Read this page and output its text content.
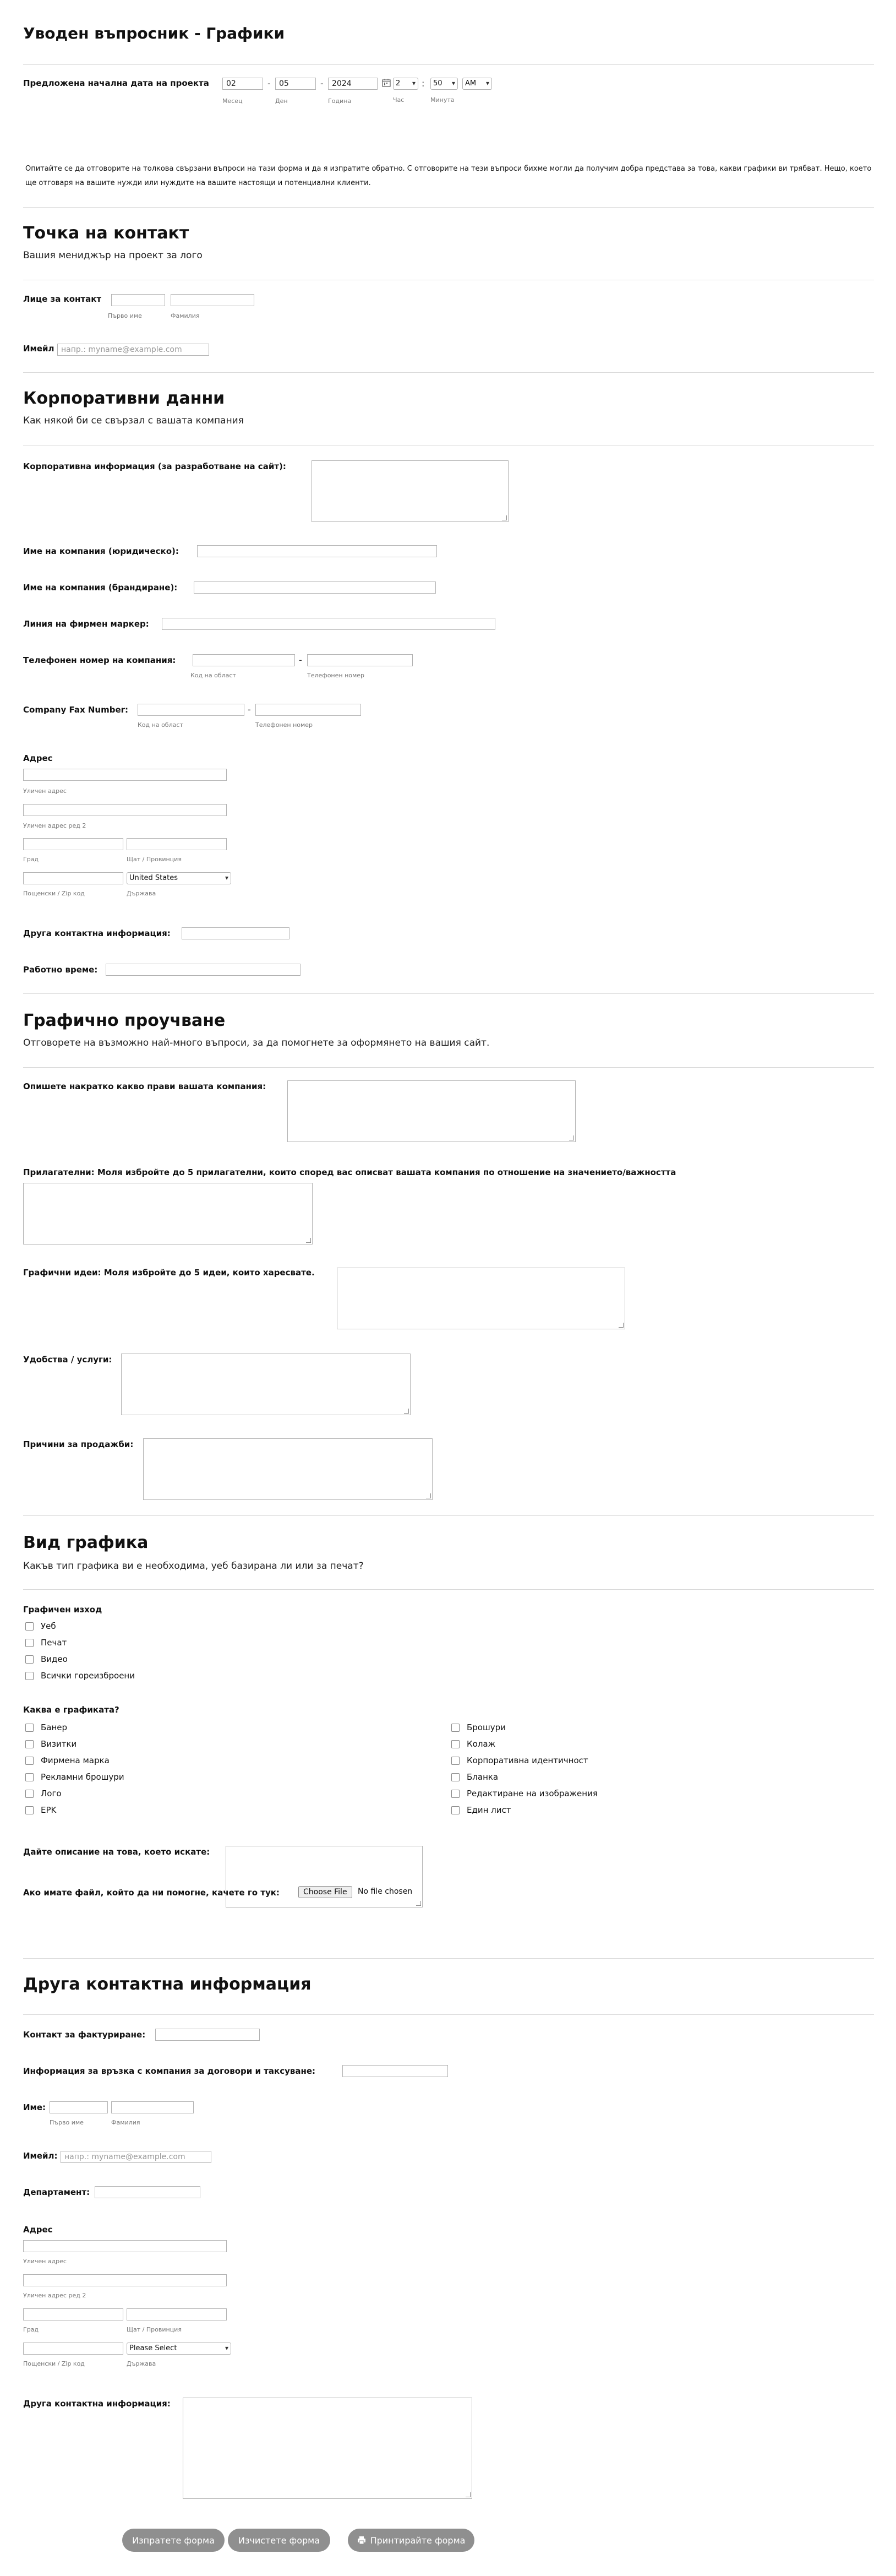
Уводен въпросник - Графики
Предложена начална дата на проекта	02	-	05	-	2024	2 ▾	:	50 ▾	AM ▾
Месец	Ден	Година	Час	Минута
Опитайте се да отговорите на толкова свързани въпроси на тази форма и да я изпратите обратно. С отговорите на тези въпроси бихме могли да получим добра представа за това, какви графики ви трябват. Нещо, което ще отговаря на вашите нужди или нуждите на вашите настоящи и потенциални клиенти.
Точка на контакт
Вашия мениджър на проект за лого
Лице за контакт
Първо име	Фамилия
Имейл напр.: myname@example.com
Корпоративни данни
Как някой би се свързал с вашата компания
Корпоративна информация (за разработване на сайт):
Име на компания (юридическо):
Име на компания (брандиране):
Линия на фирмен маркер:
Телефонен номер на компания:	-
Код на област	Телефонен номер
Company Fax Number:	-
Код на област	Телефонен номер
Адрес
Уличен адрес
Уличен адрес ред 2
Град	Щат / Провинция
United States ▾
Пощенски / Zip код	Държава
Друга контактна информация:
Работно време:
Графично проучване
Отговорете на възможно най-много въпроси, за да помогнете за оформянето на вашия сайт.
Опишете накратко какво прави вашата компания:
Прилагателни: Моля избройте до 5 прилагателни, които според вас описват вашата компания по отношение на значението/важността
Графични идеи: Моля избройте до 5 идеи, които харесвате.
Удобства / услуги:
Причини за продажби:
Вид графика
Какъв тип графика ви е необходима, уеб базирана ли или за печат?
Графичен изход
Уеб
Печат
Видео
Всички гореизброени
Каква е графиката?
Банер
Визитки
Фирмена марка
Рекламни брошури
Лого
EPK
Брошури
Колаж
Корпоративна идентичност
Бланка
Редактиране на изображения
Един лист
Дайте описание на това, което искате:
Ако имате файл, който да ни помогне, качете го тук:	Choose File	No file chosen
Друга контактна информация
Контакт за фактуриране:
Информация за връзка с компания за договори и таксуване:
Име:
Първо име	Фамилия
Имейл: напр.: myname@example.com
Департамент:
Адрес
Уличен адрес
Уличен адрес ред 2
Град	Щат / Провинция
Please Select ▾
Пощенски / Zip код	Държава
Друга контактна информация:
Изпратете форма	Изчистете форма	Принтирайте форма
